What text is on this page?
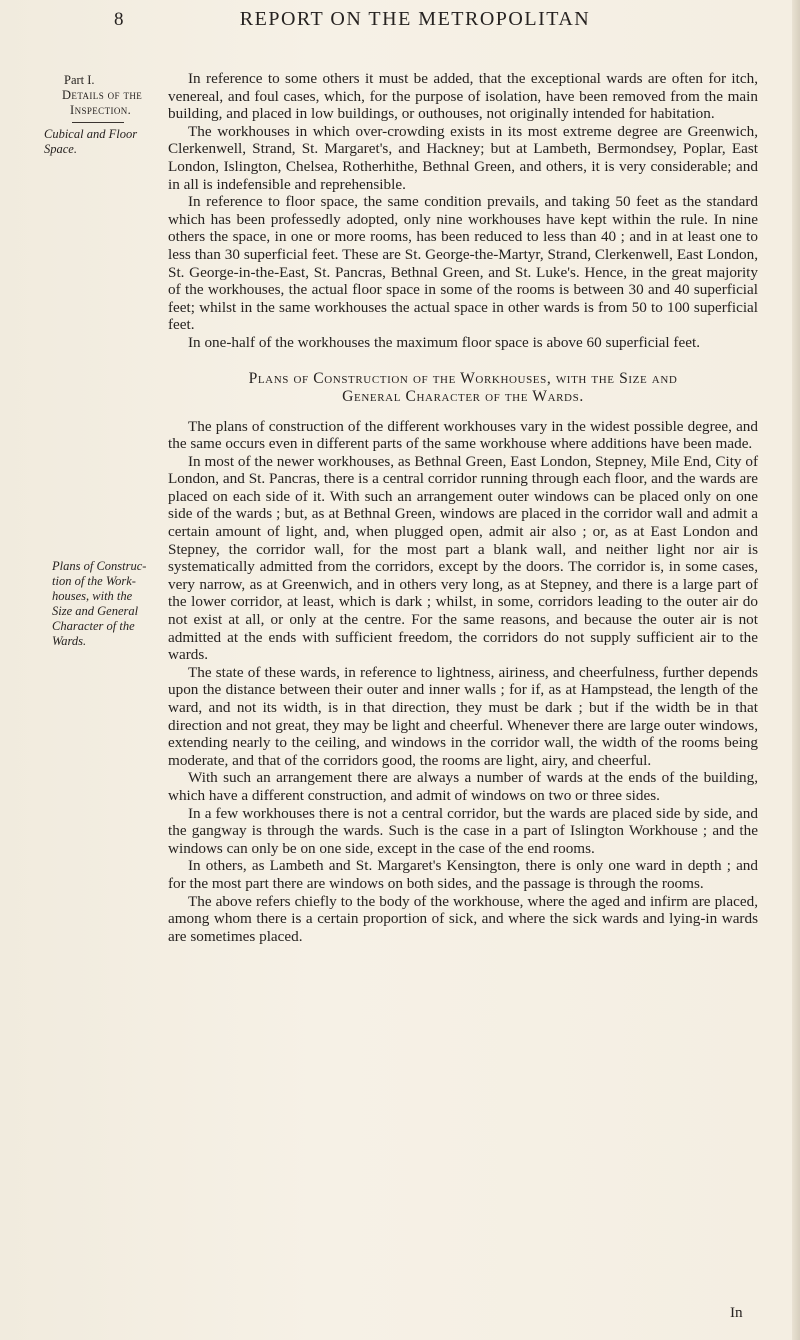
8	REPORT ON THE METROPOLITAN
Part I.
Details of the
Inspection.
Cubical and Floor
Space.
Plans of Construc-
tion of the Work-
houses, with the
Size and General
Character of the
Wards.

In reference to some others it must be added, that the exceptional wards are often for itch, venereal, and foul cases, which, for the purpose of isolation, have been removed from the main building, and placed in low buildings, or outhouses, not originally intended for habitation.

The workhouses in which over-crowding exists in its most extreme degree are Greenwich, Clerkenwell, Strand, St. Margaret's, and Hackney; but at Lambeth, Bermondsey, Poplar, East London, Islington, Chelsea, Rotherhithe, Bethnal Green, and others, it is very considerable; and in all is indefensible and reprehensible.

In reference to floor space, the same condition prevails, and taking 50 feet as the standard which has been professedly adopted, only nine workhouses have kept within the rule. In nine others the space, in one or more rooms, has been reduced to less than 40 ; and in at least one to less than 30 superficial feet. These are St. George-the-Martyr, Strand, Clerkenwell, East London, St. George-in-the-East, St. Pancras, Bethnal Green, and St. Luke's. Hence, in the great majority of the workhouses, the actual floor space in some of the rooms is between 30 and 40 superficial feet; whilst in the same workhouses the actual space in other wards is from 50 to 100 superficial feet.

In one-half of the workhouses the maximum floor space is above 60 superficial feet.

Plans of Construction of the Workhouses, with the Size and
General Character of the Wards.

The plans of construction of the different workhouses vary in the widest possible degree, and the same occurs even in different parts of the same workhouse where additions have been made.

In most of the newer workhouses, as Bethnal Green, East London, Stepney, Mile End, City of London, and St. Pancras, there is a central corridor running through each floor, and the wards are placed on each side of it. With such an arrangement outer windows can be placed only on one side of the wards ; but, as at Bethnal Green, windows are placed in the corridor wall and admit a certain amount of light, and, when plugged open, admit air also ; or, as at East London and Stepney, the corridor wall, for the most part a blank wall, and neither light nor air is systematically admitted from the corridors, except by the doors. The corridor is, in some cases, very narrow, as at Greenwich, and in others very long, as at Stepney, and there is a large part of the lower corridor, at least, which is dark ; whilst, in some, corridors leading to the outer air do not exist at all, or only at the centre. For the same reasons, and because the outer air is not admitted at the ends with sufficient freedom, the corridors do not supply sufficient air to the wards.

The state of these wards, in reference to lightness, airiness, and cheerfulness, further depends upon the distance between their outer and inner walls ; for if, as at Hampstead, the length of the ward, and not its width, is in that direction, they must be dark ; but if the width be in that direction and not great, they may be light and cheerful. Whenever there are large outer windows, extending nearly to the ceiling, and windows in the corridor wall, the width of the rooms being moderate, and that of the corridors good, the rooms are light, airy, and cheerful.

With such an arrangement there are always a number of wards at the ends of the building, which have a different construction, and admit of windows on two or three sides.

In a few workhouses there is not a central corridor, but the wards are placed side by side, and the gangway is through the wards. Such is the case in a part of Islington Workhouse ; and the windows can only be on one side, except in the case of the end rooms.

In others, as Lambeth and St. Margaret's Kensington, there is only one ward in depth ; and for the most part there are windows on both sides, and the passage is through the rooms.

The above refers chiefly to the body of the workhouse, where the aged and infirm are placed, among whom there is a certain proportion of sick, and where the sick wards and lying-in wards are sometimes placed.

In
